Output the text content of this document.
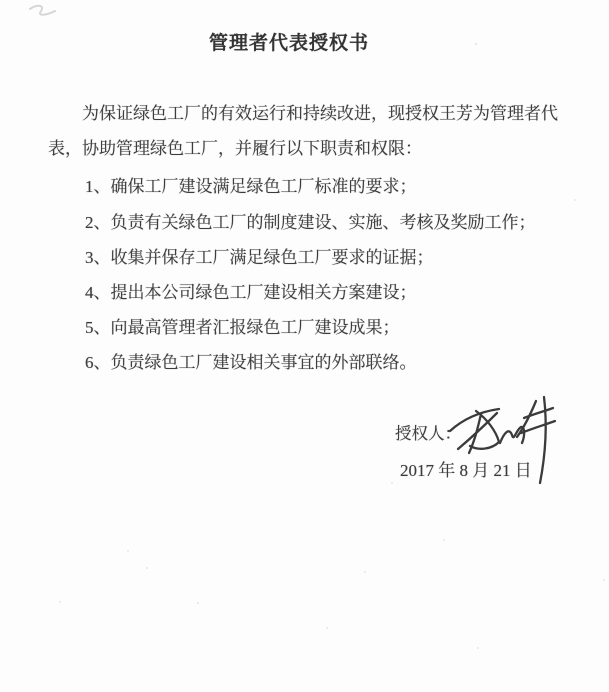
管理者代表授权书
为保证绿色工厂的有效运行和持续改进，现授权王芳为管理者代
表，协助管理绿色工厂，并履行以下职责和权限：
1、确保工厂建设满足绿色工厂标准的要求；
2、负责有关绿色工厂的制度建设、实施、考核及奖励工作；
3、收集并保存工厂满足绿色工厂要求的证据；
4、提出本公司绿色工厂建设相关方案建设；
5、向最高管理者汇报绿色工厂建设成果；
6、负责绿色工厂建设相关事宜的外部联络。
授权人：
2017 年 8 月 21 日
